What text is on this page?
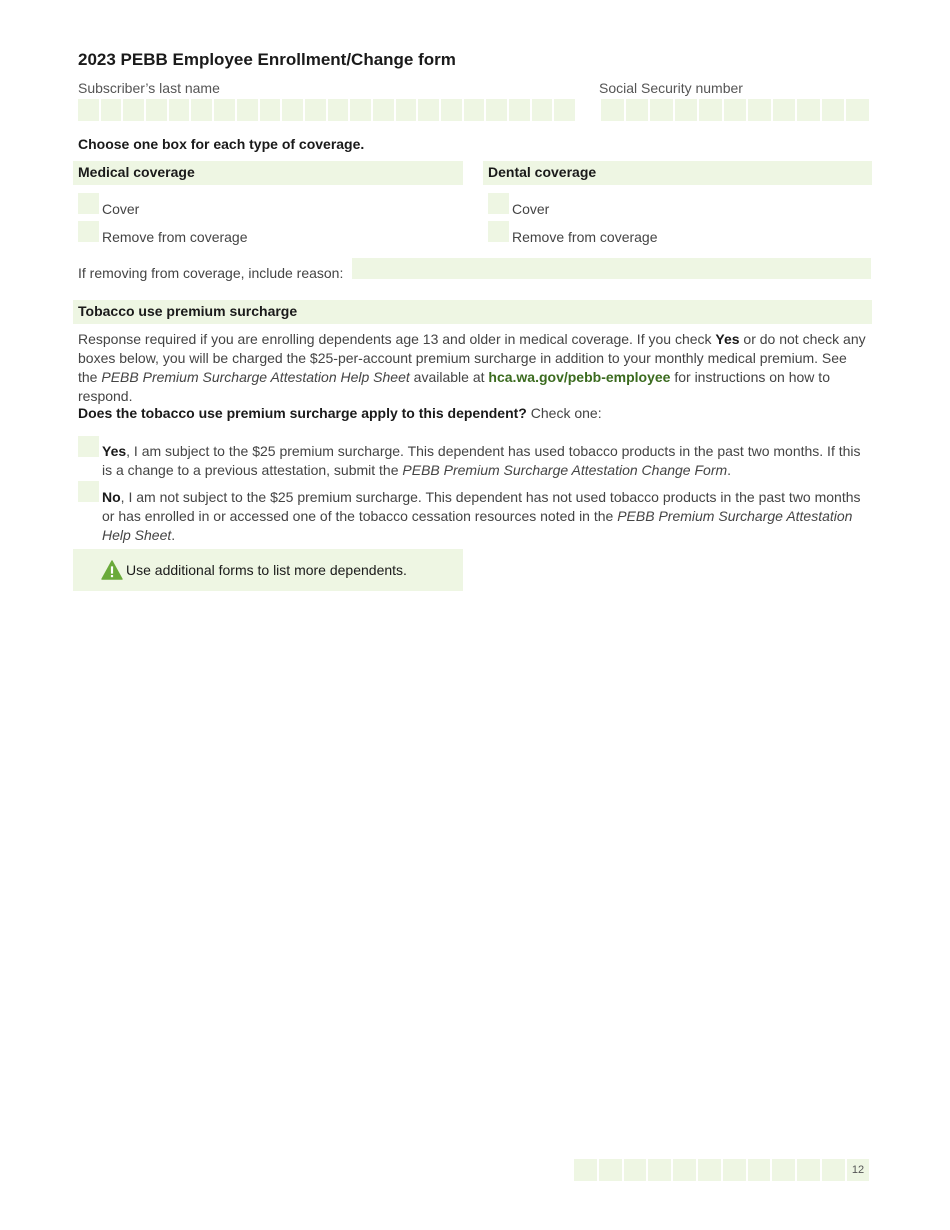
2023 PEBB Employee Enrollment/Change form
Subscriber’s last name	Social Security number
Choose one box for each type of coverage.
Medical coverage
Cover
Remove from coverage
Dental coverage
Cover
Remove from coverage
If removing from coverage, include reason:
Tobacco use premium surcharge
Response required if you are enrolling dependents age 13 and older in medical coverage. If you check Yes or do not check any boxes below, you will be charged the $25-per-account premium surcharge in addition to your monthly medical premium. See the PEBB Premium Surcharge Attestation Help Sheet available at hca.wa.gov/pebb-employee for instructions on how to respond.
Does the tobacco use premium surcharge apply to this dependent? Check one:
Yes, I am subject to the $25 premium surcharge. This dependent has used tobacco products in the past two months. If this is a change to a previous attestation, submit the PEBB Premium Surcharge Attestation Change Form.
No, I am not subject to the $25 premium surcharge. This dependent has not used tobacco products in the past two months or has enrolled in or accessed one of the tobacco cessation resources noted in the PEBB Premium Surcharge Attestation Help Sheet.
Use additional forms to list more dependents.
12
